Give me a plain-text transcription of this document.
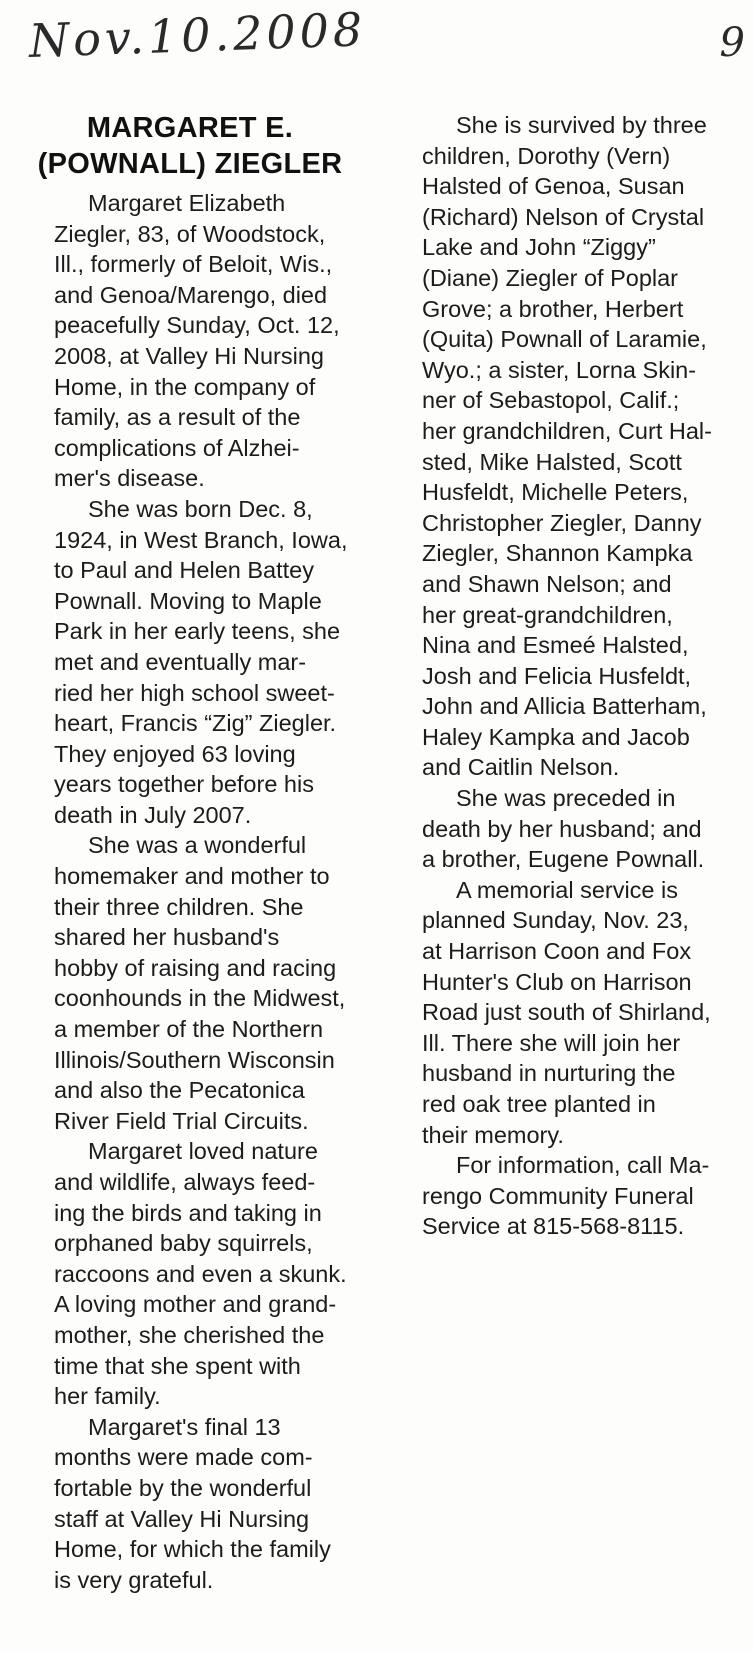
Nov.10.2008	9
MARGARET E.
(POWNALL) ZIEGLER
Margaret Elizabeth
Ziegler, 83, of Woodstock,
Ill., formerly of Beloit, Wis.,
and Genoa/Marengo, died
peacefully Sunday, Oct. 12,
2008, at Valley Hi Nursing
Home, in the company of
family, as a result of the
complications of Alzhei-
mer's disease.
She was born Dec. 8,
1924, in West Branch, Iowa,
to Paul and Helen Battey
Pownall. Moving to Maple
Park in her early teens, she
met and eventually mar-
ried her high school sweet-
heart, Francis “Zig” Ziegler.
They enjoyed 63 loving
years together before his
death in July 2007.
She was a wonderful
homemaker and mother to
their three children. She
shared her husband's
hobby of raising and racing
coonhounds in the Midwest,
a member of the Northern
Illinois/Southern Wisconsin
and also the Pecatonica
River Field Trial Circuits.
Margaret loved nature
and wildlife, always feed-
ing the birds and taking in
orphaned baby squirrels,
raccoons and even a skunk.
A loving mother and grand-
mother, she cherished the
time that she spent with
her family.
Margaret's final 13
months were made com-
fortable by the wonderful
staff at Valley Hi Nursing
Home, for which the family
is very grateful.
She is survived by three
children, Dorothy (Vern)
Halsted of Genoa, Susan
(Richard) Nelson of Crystal
Lake and John “Ziggy”
(Diane) Ziegler of Poplar
Grove; a brother, Herbert
(Quita) Pownall of Laramie,
Wyo.; a sister, Lorna Skin-
ner of Sebastopol, Calif.;
her grandchildren, Curt Hal-
sted, Mike Halsted, Scott
Husfeldt, Michelle Peters,
Christopher Ziegler, Danny
Ziegler, Shannon Kampka
and Shawn Nelson; and
her great-grandchildren,
Nina and Esmeé Halsted,
Josh and Felicia Husfeldt,
John and Allicia Batterham,
Haley Kampka and Jacob
and Caitlin Nelson.
She was preceded in
death by her husband; and
a brother, Eugene Pownall.
A memorial service is
planned Sunday, Nov. 23,
at Harrison Coon and Fox
Hunter's Club on Harrison
Road just south of Shirland,
Ill. There she will join her
husband in nurturing the
red oak tree planted in
their memory.
For information, call Ma-
rengo Community Funeral
Service at 815-568-8115.
